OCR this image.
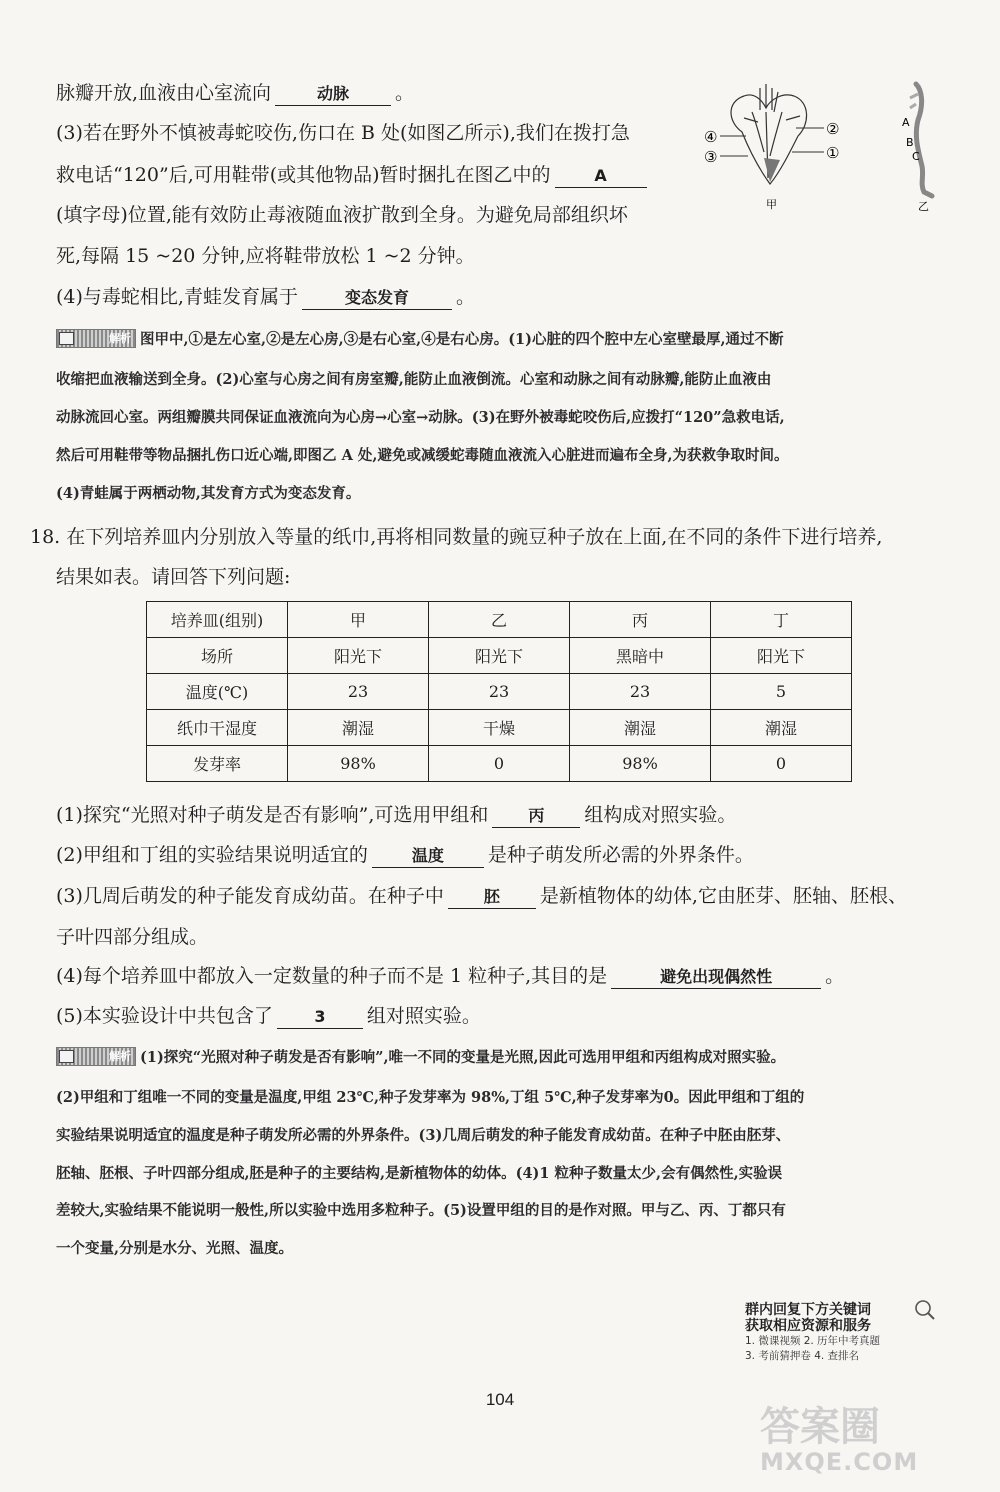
脉瓣开放,血液由心室流向	动脉 。
(3)若在野外不慎被毒蛇咬伤,伤口在 B 处(如图乙所示),我们在拨打急
救电话“120”后,可用鞋带(或其他物品)暂时捆扎在图乙中的	A
(填字母)位置,能有效防止毒液随血液扩散到全身。为避免局部组织坏
死,每隔 15 ~20 分钟,应将鞋带放松 1 ~2 分钟。
(4)与毒蛇相比,青蛙发育属于	变态发育 。
④
③
②
①
甲
A
B
C
乙
解析 图甲中,①是左心室,②是左心房,③是右心室,④是右心房。(1)心脏的四个腔中左心室壁最厚,通过不断
收缩把血液输送到全身。(2)心室与心房之间有房室瓣,能防止血液倒流。心室和动脉之间有动脉瓣,能防止血液由
动脉流回心室。两组瓣膜共同保证血液流向为心房→心室→动脉。(3)在野外被毒蛇咬伤后,应拨打“120”急救电话,
然后可用鞋带等物品捆扎伤口近心端,即图乙 A 处,避免或减缓蛇毒随血液流入心脏进而遍布全身,为获救争取时间。
(4)青蛙属于两栖动物,其发育方式为变态发育。
18. 在下列培养皿内分别放入等量的纸巾,再将相同数量的豌豆种子放在上面,在不同的条件下进行培养,
结果如表。请回答下列问题:
培养皿(组别)	甲	乙	丙	丁
场所	阳光下	阳光下	黑暗中	阳光下
温度(℃)	23	23	23	5
纸巾干湿度	潮湿	干燥	潮湿	潮湿
发芽率	98%	0	98%	0
(1)探究“光照对种子萌发是否有影响”,可选用甲组和 丙 组构成对照实验。
(2)甲组和丁组的实验结果说明适宜的	温度 是种子萌发所必需的外界条件。
(3)几周后萌发的种子能发育成幼苗。在种子中 胚 是新植物体的幼体,它由胚芽、胚轴、胚根、
子叶四部分组成。
(4)每个培养皿中都放入一定数量的种子而不是 1 粒种子,其目的是	避免出现偶然性	。
(5)本实验设计中共包含了	3 组对照实验。
解析 (1)探究“光照对种子萌发是否有影响”,唯一不同的变量是光照,因此可选用甲组和丙组构成对照实验。
(2)甲组和丁组唯一不同的变量是温度,甲组 23℃,种子发芽率为 98%,丁组 5℃,种子发芽率为0。因此甲组和丁组的
实验结果说明适宜的温度是种子萌发所必需的外界条件。(3)几周后萌发的种子能发育成幼苗。在种子中胚由胚芽、
胚轴、胚根、子叶四部分组成,胚是种子的主要结构,是新植物体的幼体。(4)1 粒种子数量太少,会有偶然性,实验误
差较大,实验结果不能说明一般性,所以实验中选用多粒种子。(5)设置甲组的目的是作对照。甲与乙、丙、丁都只有
一个变量,分别是水分、光照、温度。
群内回复下方关键词
获取相应资源和服务
1. 微课视频 2. 历年中考真题
3. 考前猜押卷 4. 查排名
104
答案圈
MXQE.COM
